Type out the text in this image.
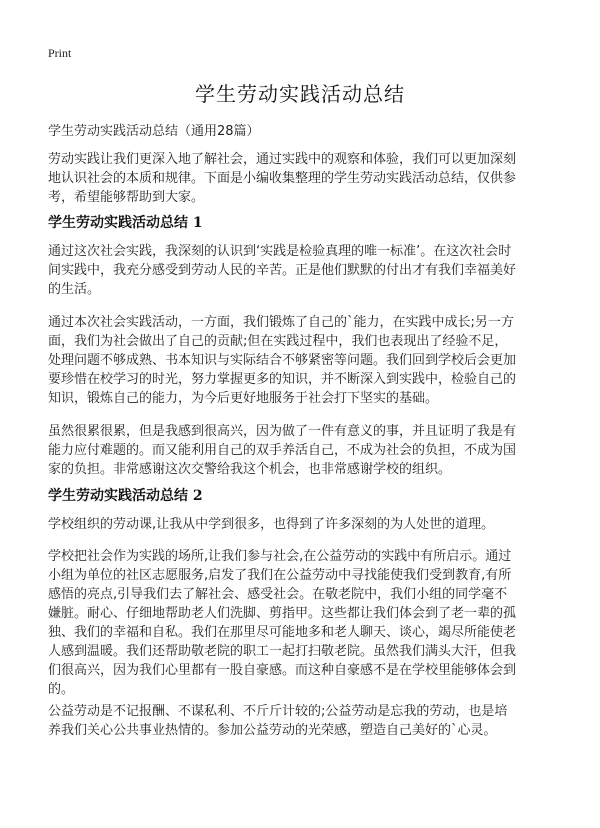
Print
学生劳动实践活动总结
学生劳动实践活动总结（通用28篇）
劳动实践让我们更深入地了解社会，通过实践中的观察和体验，我们可以更加深刻
地认识社会的本质和规律。下面是小编收集整理的学生劳动实践活动总结，仅供参
考，希望能够帮助到大家。
学生劳动实践活动总结 1
通过这次社会实践，我深刻的认识到‘实践是检验真理的唯一标准’。在这次社会时
间实践中，我充分感受到劳动人民的辛苦。正是他们默默的付出才有我们幸福美好
的生活。
通过本次社会实践活动，一方面，我们锻炼了自己的`能力，在实践中成长;另一方
面，我们为社会做出了自己的贡献;但在实践过程中，我们也表现出了经验不足，
处理问题不够成熟、书本知识与实际结合不够紧密等问题。我们回到学校后会更加
要珍惜在校学习的时光，努力掌握更多的知识，并不断深入到实践中，检验自己的
知识，锻炼自己的能力，为今后更好地服务于社会打下坚实的基础。
虽然很累很累，但是我感到很高兴，因为做了一件有意义的事，并且证明了我是有
能力应付难题的。而又能利用自己的双手养活自己，不成为社会的负担，不成为国
家的负担。非常感谢这次交警给我这个机会，也非常感谢学校的组织。
学生劳动实践活动总结 2
学校组织的劳动课,让我从中学到很多，也得到了许多深刻的为人处世的道理。
学校把社会作为实践的场所,让我们参与社会,在公益劳动的实践中有所启示。通过
小组为单位的社区志愿服务,启发了我们在公益劳动中寻找能使我们受到教育,有所
感悟的亮点,引导我们去了解社会、感受社会。在敬老院中，我们小组的同学毫不
嫌脏。耐心、仔细地帮助老人们洗脚、剪指甲。这些都让我们体会到了老一辈的孤
独、我们的幸福和自私。我们在那里尽可能地多和老人聊天、谈心，竭尽所能使老
人感到温暖。我们还帮助敬老院的职工一起打扫敬老院。虽然我们满头大汗，但我
们很高兴，因为我们心里都有一股自豪感。而这种自豪感不是在学校里能够体会到
的。
公益劳动是不记报酬、不谋私利、不斤斤计较的;公益劳动是忘我的劳动，也是培
养我们关心公共事业热情的。参加公益劳动的光荣感，塑造自己美好的`心灵。
